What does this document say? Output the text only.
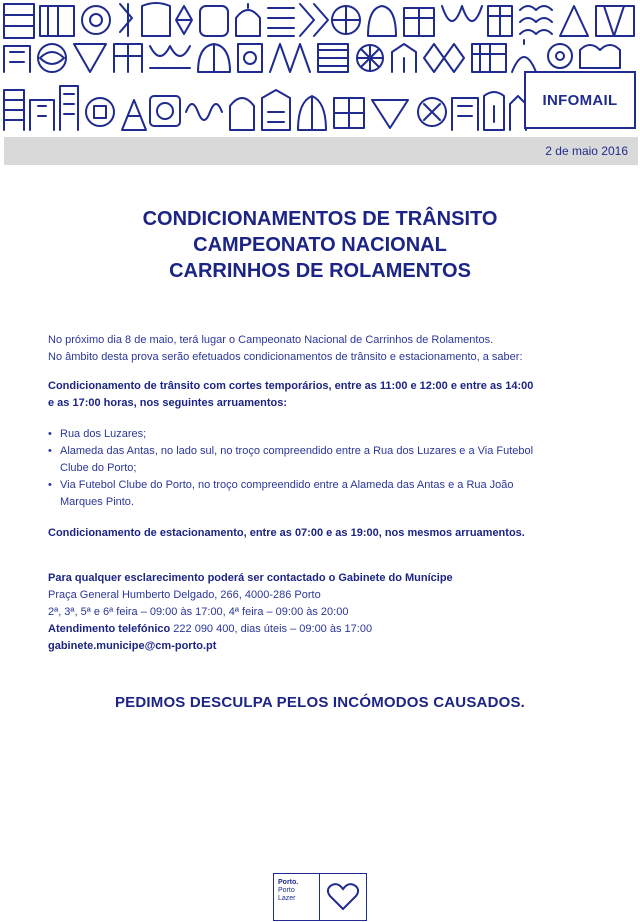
INFOMAIL
2 de maio 2016
CONDICIONAMENTOS DE TRÂNSITO
CAMPEONATO NACIONAL
CARRINHOS DE ROLAMENTOS

No próximo dia 8 de maio, terá lugar o Campeonato Nacional de Carrinhos de Rolamentos.
No âmbito desta prova serão efetuados condicionamentos de trânsito e estacionamento, a saber:

Condicionamento de trânsito com cortes temporários, entre as 11:00 e 12:00 e entre as 14:00
e as 17:00 horas, nos seguintes arruamentos:

• Rua dos Luzares;
• Alameda das Antas, no lado sul, no troço compreendido entre a Rua dos Luzares e a Via Futebol
Clube do Porto;
• Via Futebol Clube do Porto, no troço compreendido entre a Alameda das Antas e a Rua João
Marques Pinto.

Condicionamento de estacionamento, entre as 07:00 e as 19:00, nos mesmos arruamentos.

Para qualquer esclarecimento poderá ser contactado o Gabinete do Munícipe

Praça General Humberto Delgado, 266, 4000-286 Porto

2ª, 3ª, 5ª e 6ª feira – 09:00 às 17:00, 4ª feira – 09:00 às 20:00

Atendimento telefónico 222 090 400, dias úteis – 09:00 às 17:00

gabinete.municipe@cm-porto.pt

PEDIMOS DESCULPA PELOS INCÓMODOS CAUSADOS.
Porto.
Porto
Lazer
